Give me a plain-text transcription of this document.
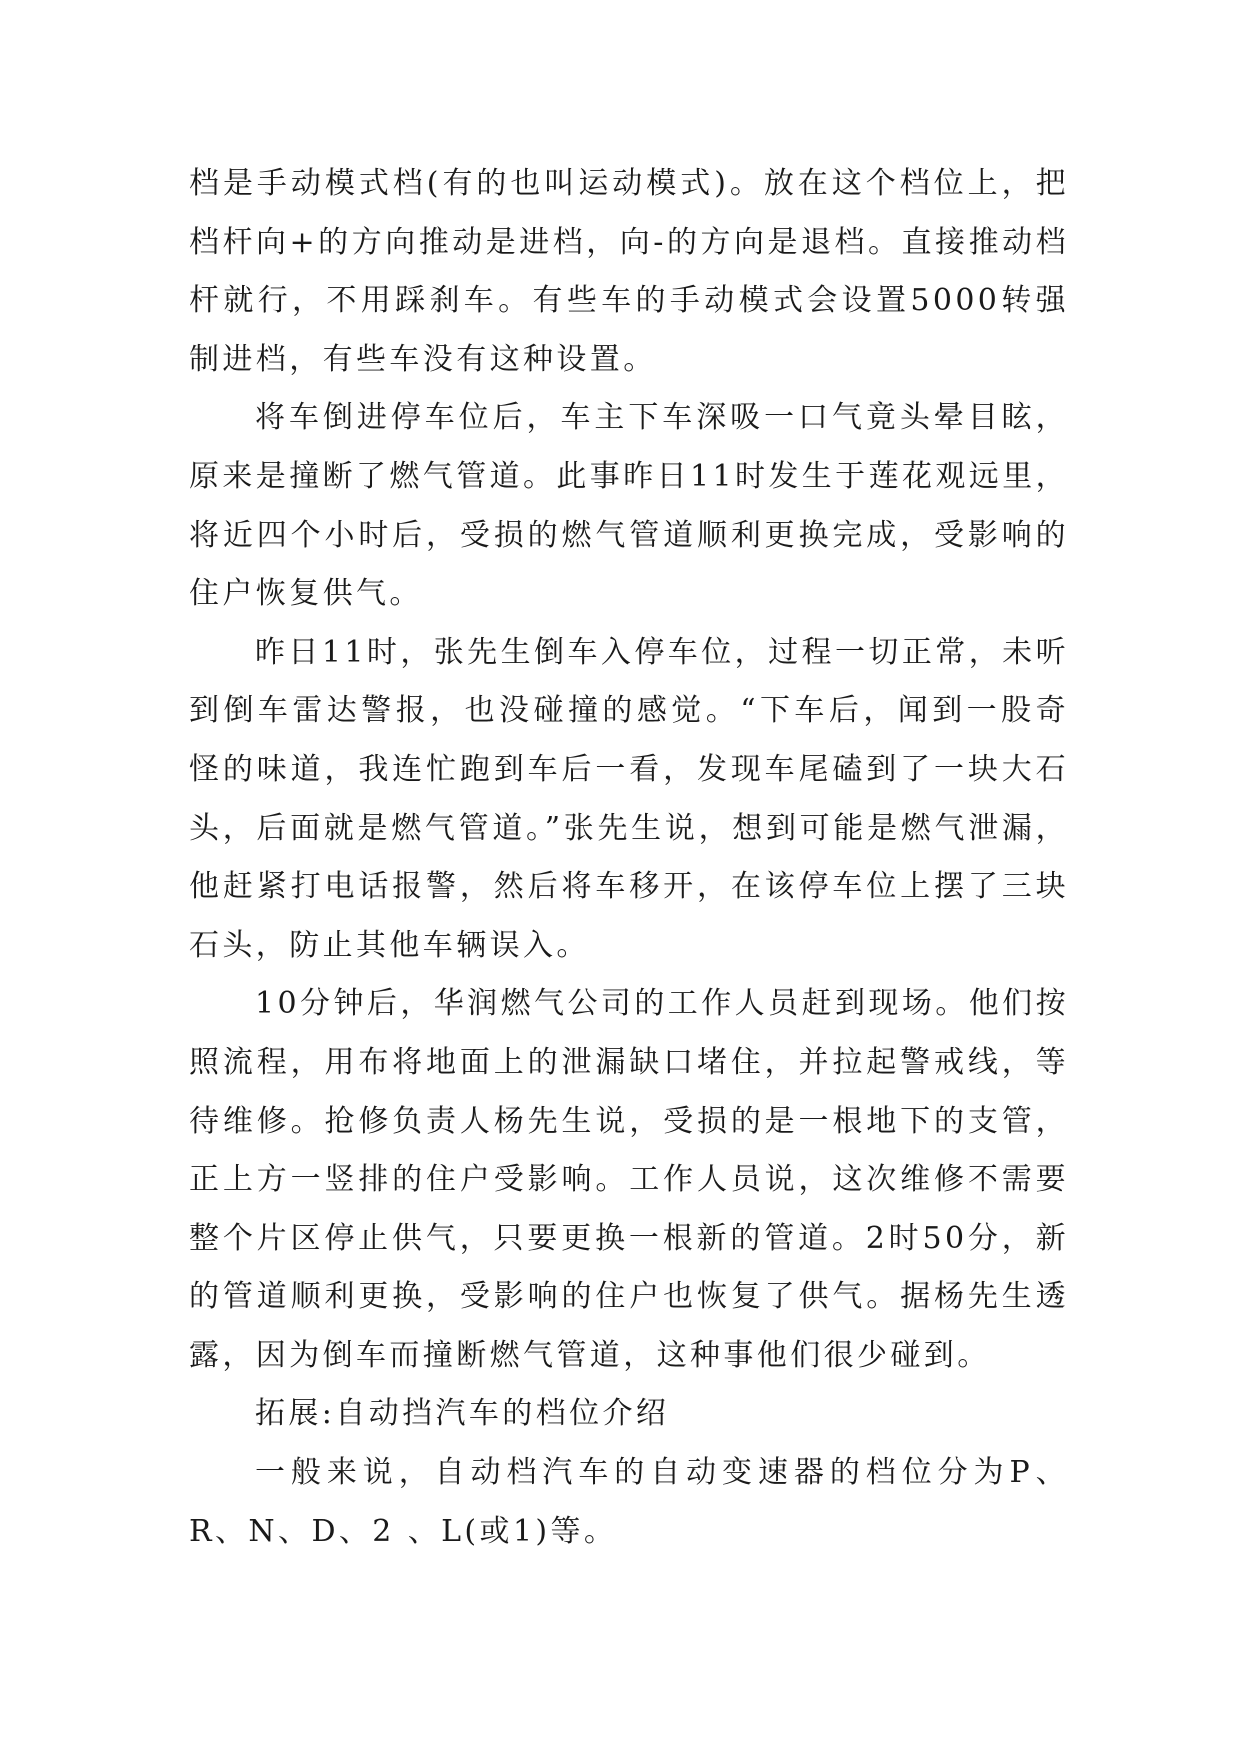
档是手动模式档(有的也叫运动模式)。放在这个档位上，把档杆向+的方向推动是进档，向-的方向是退档。直接推动档杆就行，不用踩刹车。有些车的手动模式会设置5000转强制进档，有些车没有这种设置。

将车倒进停车位后，车主下车深吸一口气竟头晕目眩，原来是撞断了燃气管道。此事昨日11时发生于莲花观远里，将近四个小时后，受损的燃气管道顺利更换完成，受影响的住户恢复供气。

昨日11时，张先生倒车入停车位，过程一切正常，未听到倒车雷达警报，也没碰撞的感觉。“下车后，闻到一股奇怪的味道，我连忙跑到车后一看，发现车尾磕到了一块大石头，后面就是燃气管道。”张先生说，想到可能是燃气泄漏，他赶紧打电话报警，然后将车移开，在该停车位上摆了三块石头，防止其他车辆误入。

10分钟后，华润燃气公司的工作人员赶到现场。他们按照流程，用布将地面上的泄漏缺口堵住，并拉起警戒线，等待维修。抢修负责人杨先生说，受损的是一根地下的支管，正上方一竖排的住户受影响。工作人员说，这次维修不需要整个片区停止供气，只要更换一根新的管道。2时50分，新的管道顺利更换，受影响的住户也恢复了供气。据杨先生透露，因为倒车而撞断燃气管道，这种事他们很少碰到。

拓展:自动挡汽车的档位介绍

一般来说，自动档汽车的自动变速器的档位分为P、R、N、D、2 、L(或1)等。
